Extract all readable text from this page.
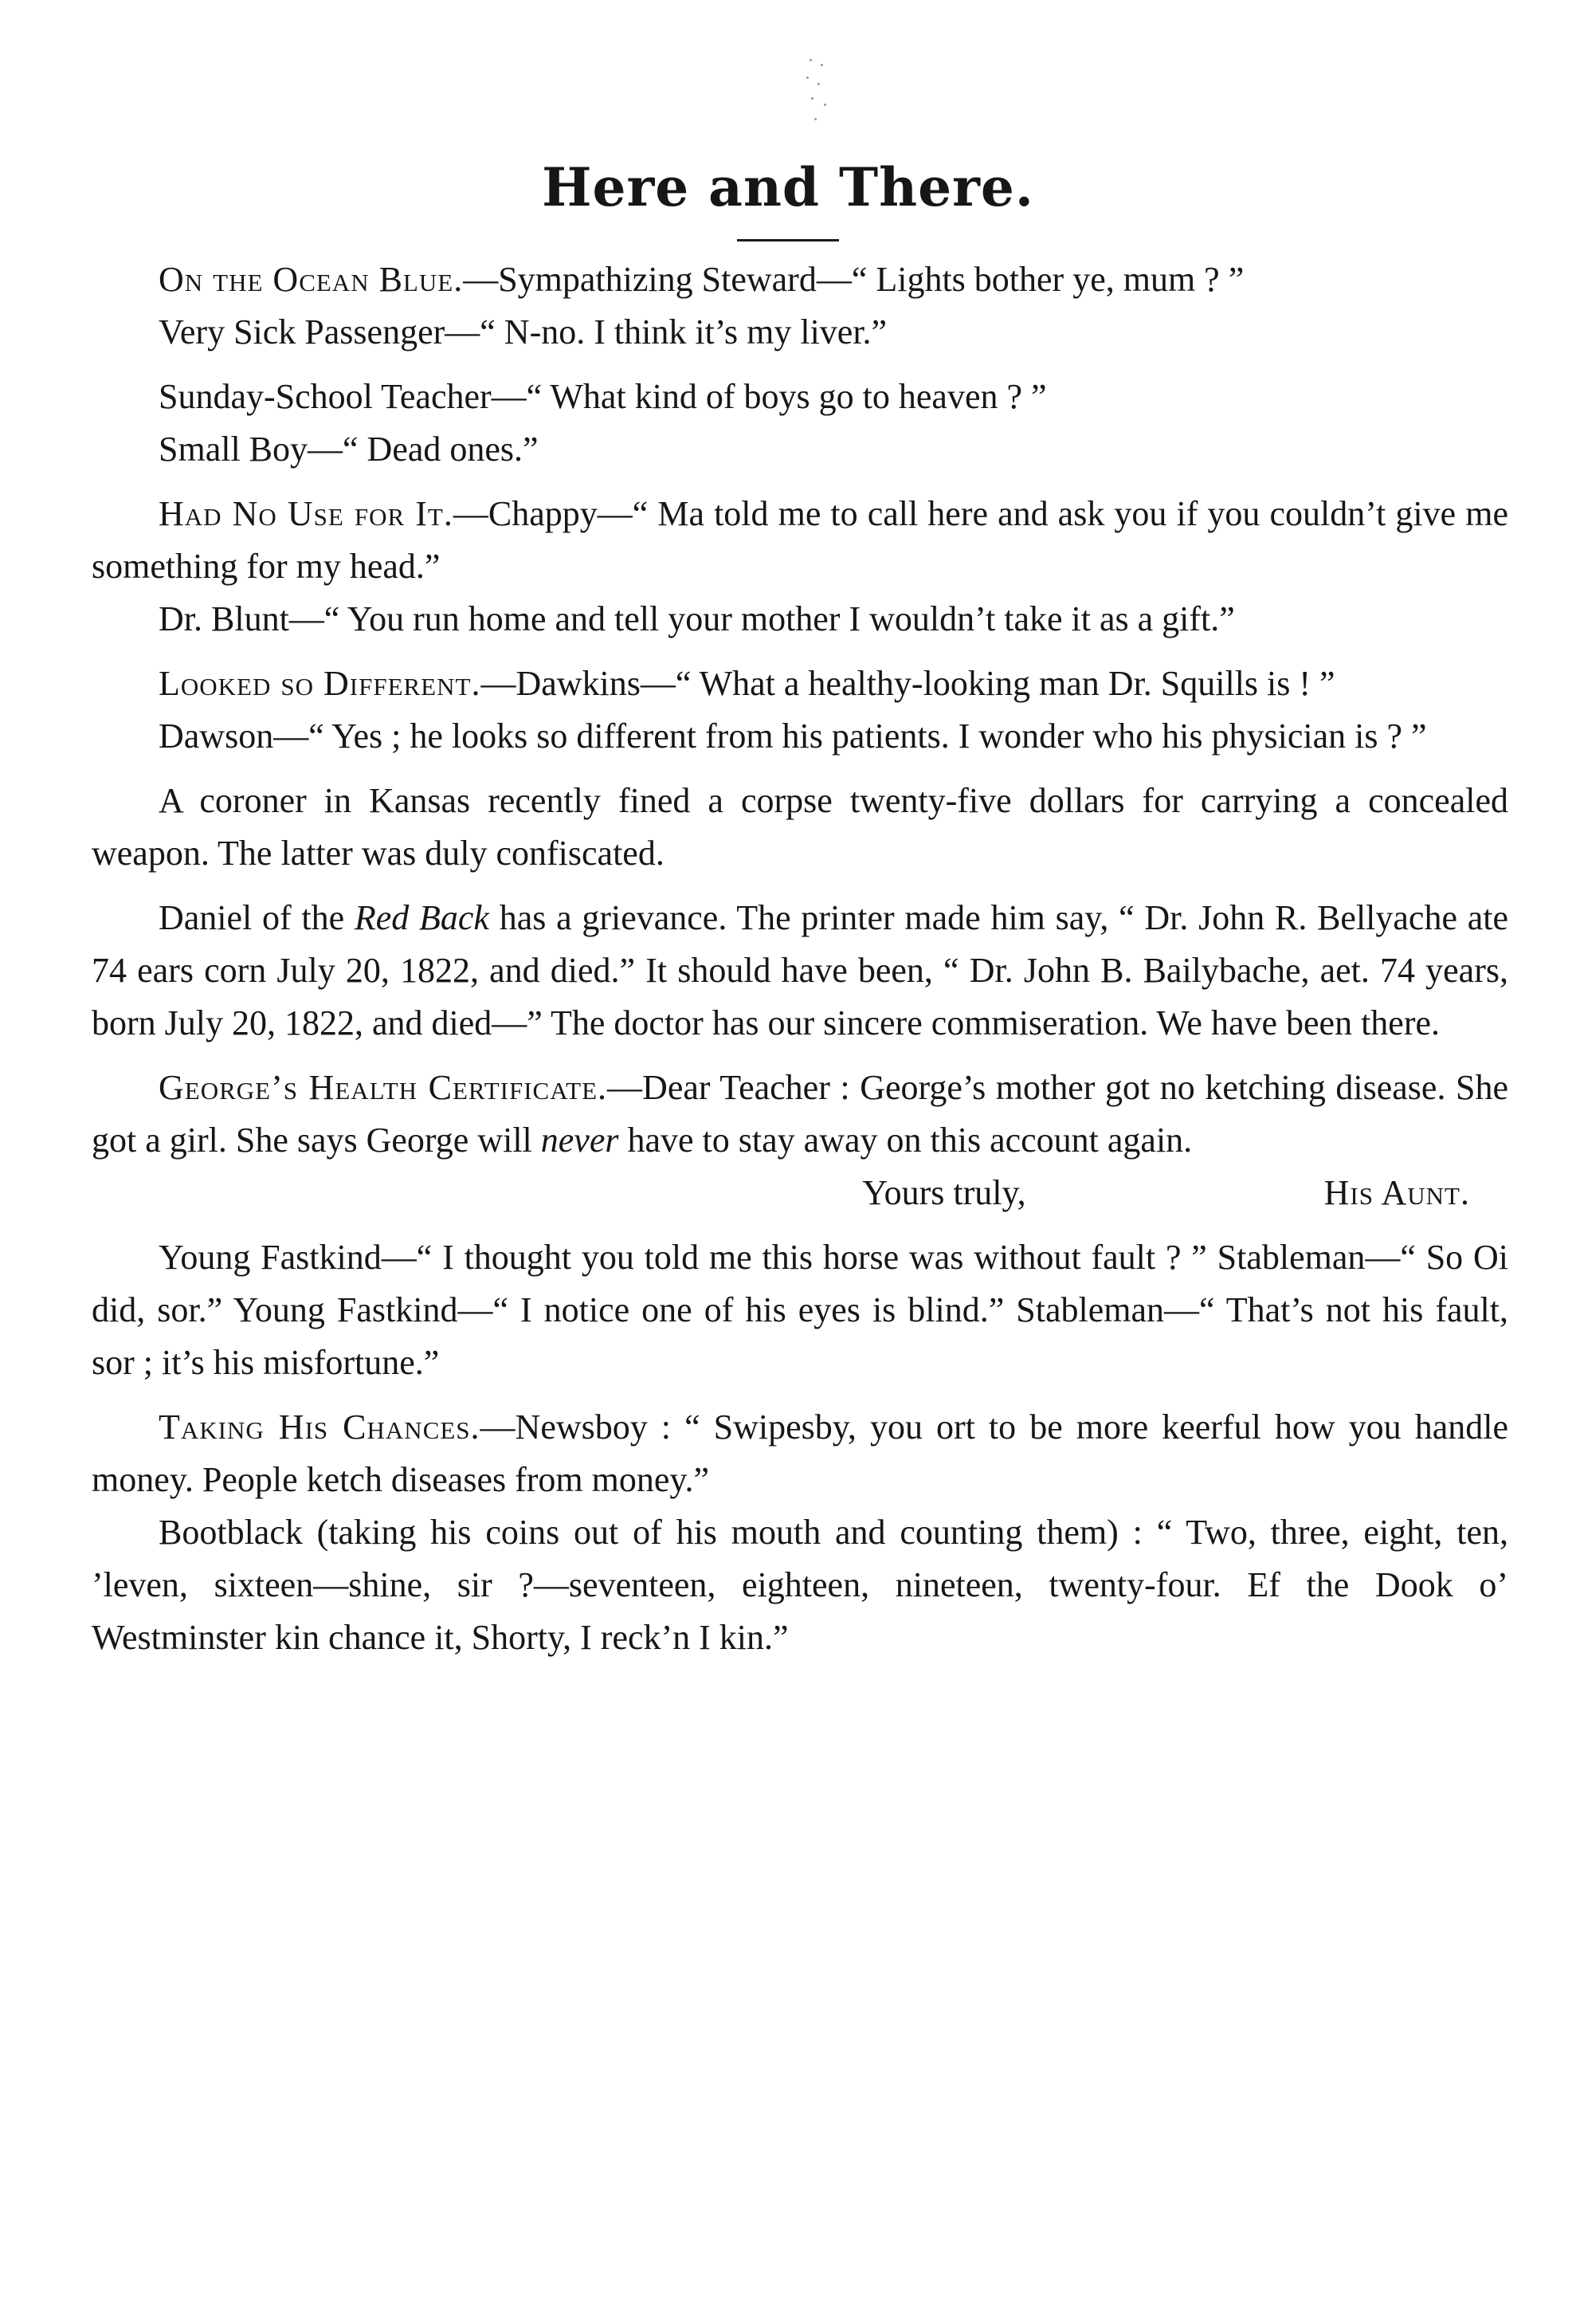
Here and There.

On the Ocean Blue.—Sympathizing Steward—“ Lights bother ye, mum ? ”

Very Sick Passenger—“ N-no. I think it’s my liver.”

Sunday-School Teacher—“ What kind of boys go to heaven ? ”

Small Boy—“ Dead ones.”

Had No Use for It.—Chappy—“ Ma told me to call here and ask you if you couldn’t give me something for my head.”

Dr. Blunt—“ You run home and tell your mother I wouldn’t take it as a gift.”

Looked so Different.—Dawkins—“ What a healthy-looking man Dr. Squills is ! ”

Dawson—“ Yes ; he looks so different from his patients. I wonder who his physician is ? ”

A coroner in Kansas recently fined a corpse twenty-five dollars for carrying a concealed weapon. The latter was duly confiscated.

Daniel of the Red Back has a grievance. The printer made him say, “ Dr. John R. Bellyache ate 74 ears corn July 20, 1822, and died.” It should have been, “ Dr. John B. Bailybache, aet. 74 years, born July 20, 1822, and died—” The doctor has our sincere commiseration. We have been there.

George’s Health Certificate.—Dear Teacher : George’s mother got no ketching disease. She got a girl. She says George will never have to stay away on this account again.

Yours truly,	His Aunt.

Young Fastkind—“ I thought you told me this horse was without fault ? ” Stableman—“ So Oi did, sor.” Young Fastkind—“ I notice one of his eyes is blind.” Stableman—“ That’s not his fault, sor ; it’s his misfortune.”

Taking His Chances.—Newsboy : “ Swipesby, you ort to be more keerful how you handle money. People ketch diseases from money.”

Bootblack (taking his coins out of his mouth and counting them) : “ Two, three, eight, ten, ’leven, sixteen—shine, sir ?—seventeen, eighteen, nineteen, twenty-four. Ef the Dook o’ Westminster kin chance it, Shorty, I reck’n I kin.”
